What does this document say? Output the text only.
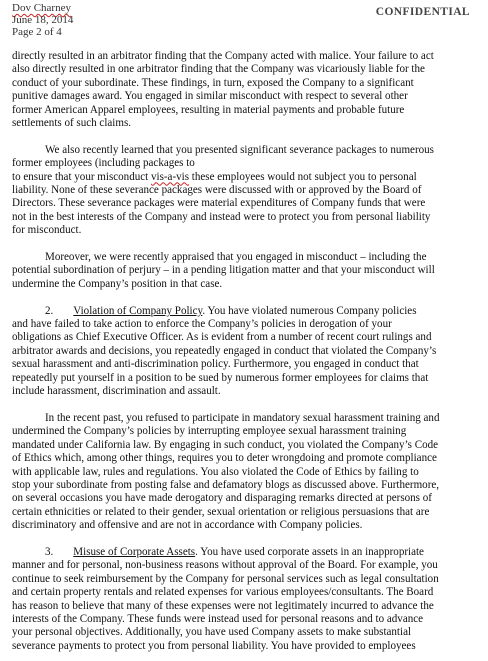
Dov Charney
June 18, 2014
Page 2 of 4
CONFIDENTIAL

directly resulted in an arbitrator finding that the Company acted with malice. Your failure to act
also directly resulted in one arbitrator finding that the Company was vicariously liable for the
conduct of your subordinate. These findings, in turn, exposed the Company to a significant
punitive damages award. You engaged in similar misconduct with respect to several other
former American Apparel employees, resulting in material payments and probable future
settlements of such claims.

We also recently learned that you presented significant severance packages to numerous
former employees (including packages to
to ensure that your misconduct vis-a-vis these employees would not subject you to personal
liability. None of these severance packages were discussed with or approved by the Board of
Directors. These severance packages were material expenditures of Company funds that were
not in the best interests of the Company and instead were to protect you from personal liability
for misconduct.

Moreover, we were recently appraised that you engaged in misconduct – including the
potential subordination of perjury – in a pending litigation matter and that your misconduct will
undermine the Company’s position in that case.

2. Violation of Company Policy. You have violated numerous Company policies
and have failed to take action to enforce the Company’s policies in derogation of your
obligations as Chief Executive Officer. As is evident from a number of recent court rulings and
arbitrator awards and decisions, you repeatedly engaged in conduct that violated the Company’s
sexual harassment and anti-discrimination policy. Furthermore, you engaged in conduct that
repeatedly put yourself in a position to be sued by numerous former employees for claims that
include harassment, discrimination and assault.

In the recent past, you refused to participate in mandatory sexual harassment training and
undermined the Company’s policies by interrupting employee sexual harassment training
mandated under California law. By engaging in such conduct, you violated the Company’s Code
of Ethics which, among other things, requires you to deter wrongdoing and promote compliance
with applicable law, rules and regulations. You also violated the Code of Ethics by failing to
stop your subordinate from posting false and defamatory blogs as discussed above. Furthermore,
on several occasions you have made derogatory and disparaging remarks directed at persons of
certain ethnicities or related to their gender, sexual orientation or religious persuasions that are
discriminatory and offensive and are not in accordance with Company policies.

3. Misuse of Corporate Assets. You have used corporate assets in an inappropriate
manner and for personal, non-business reasons without approval of the Board. For example, you
continue to seek reimbursement by the Company for personal services such as legal consultation
and certain property rentals and related expenses for various employees/consultants. The Board
has reason to believe that many of these expenses were not legitimately incurred to advance the
interests of the Company. These funds were instead used for personal reasons and to advance
your personal objectives. Additionally, you have used Company assets to make substantial
severance payments to protect you from personal liability. You have provided to employees
